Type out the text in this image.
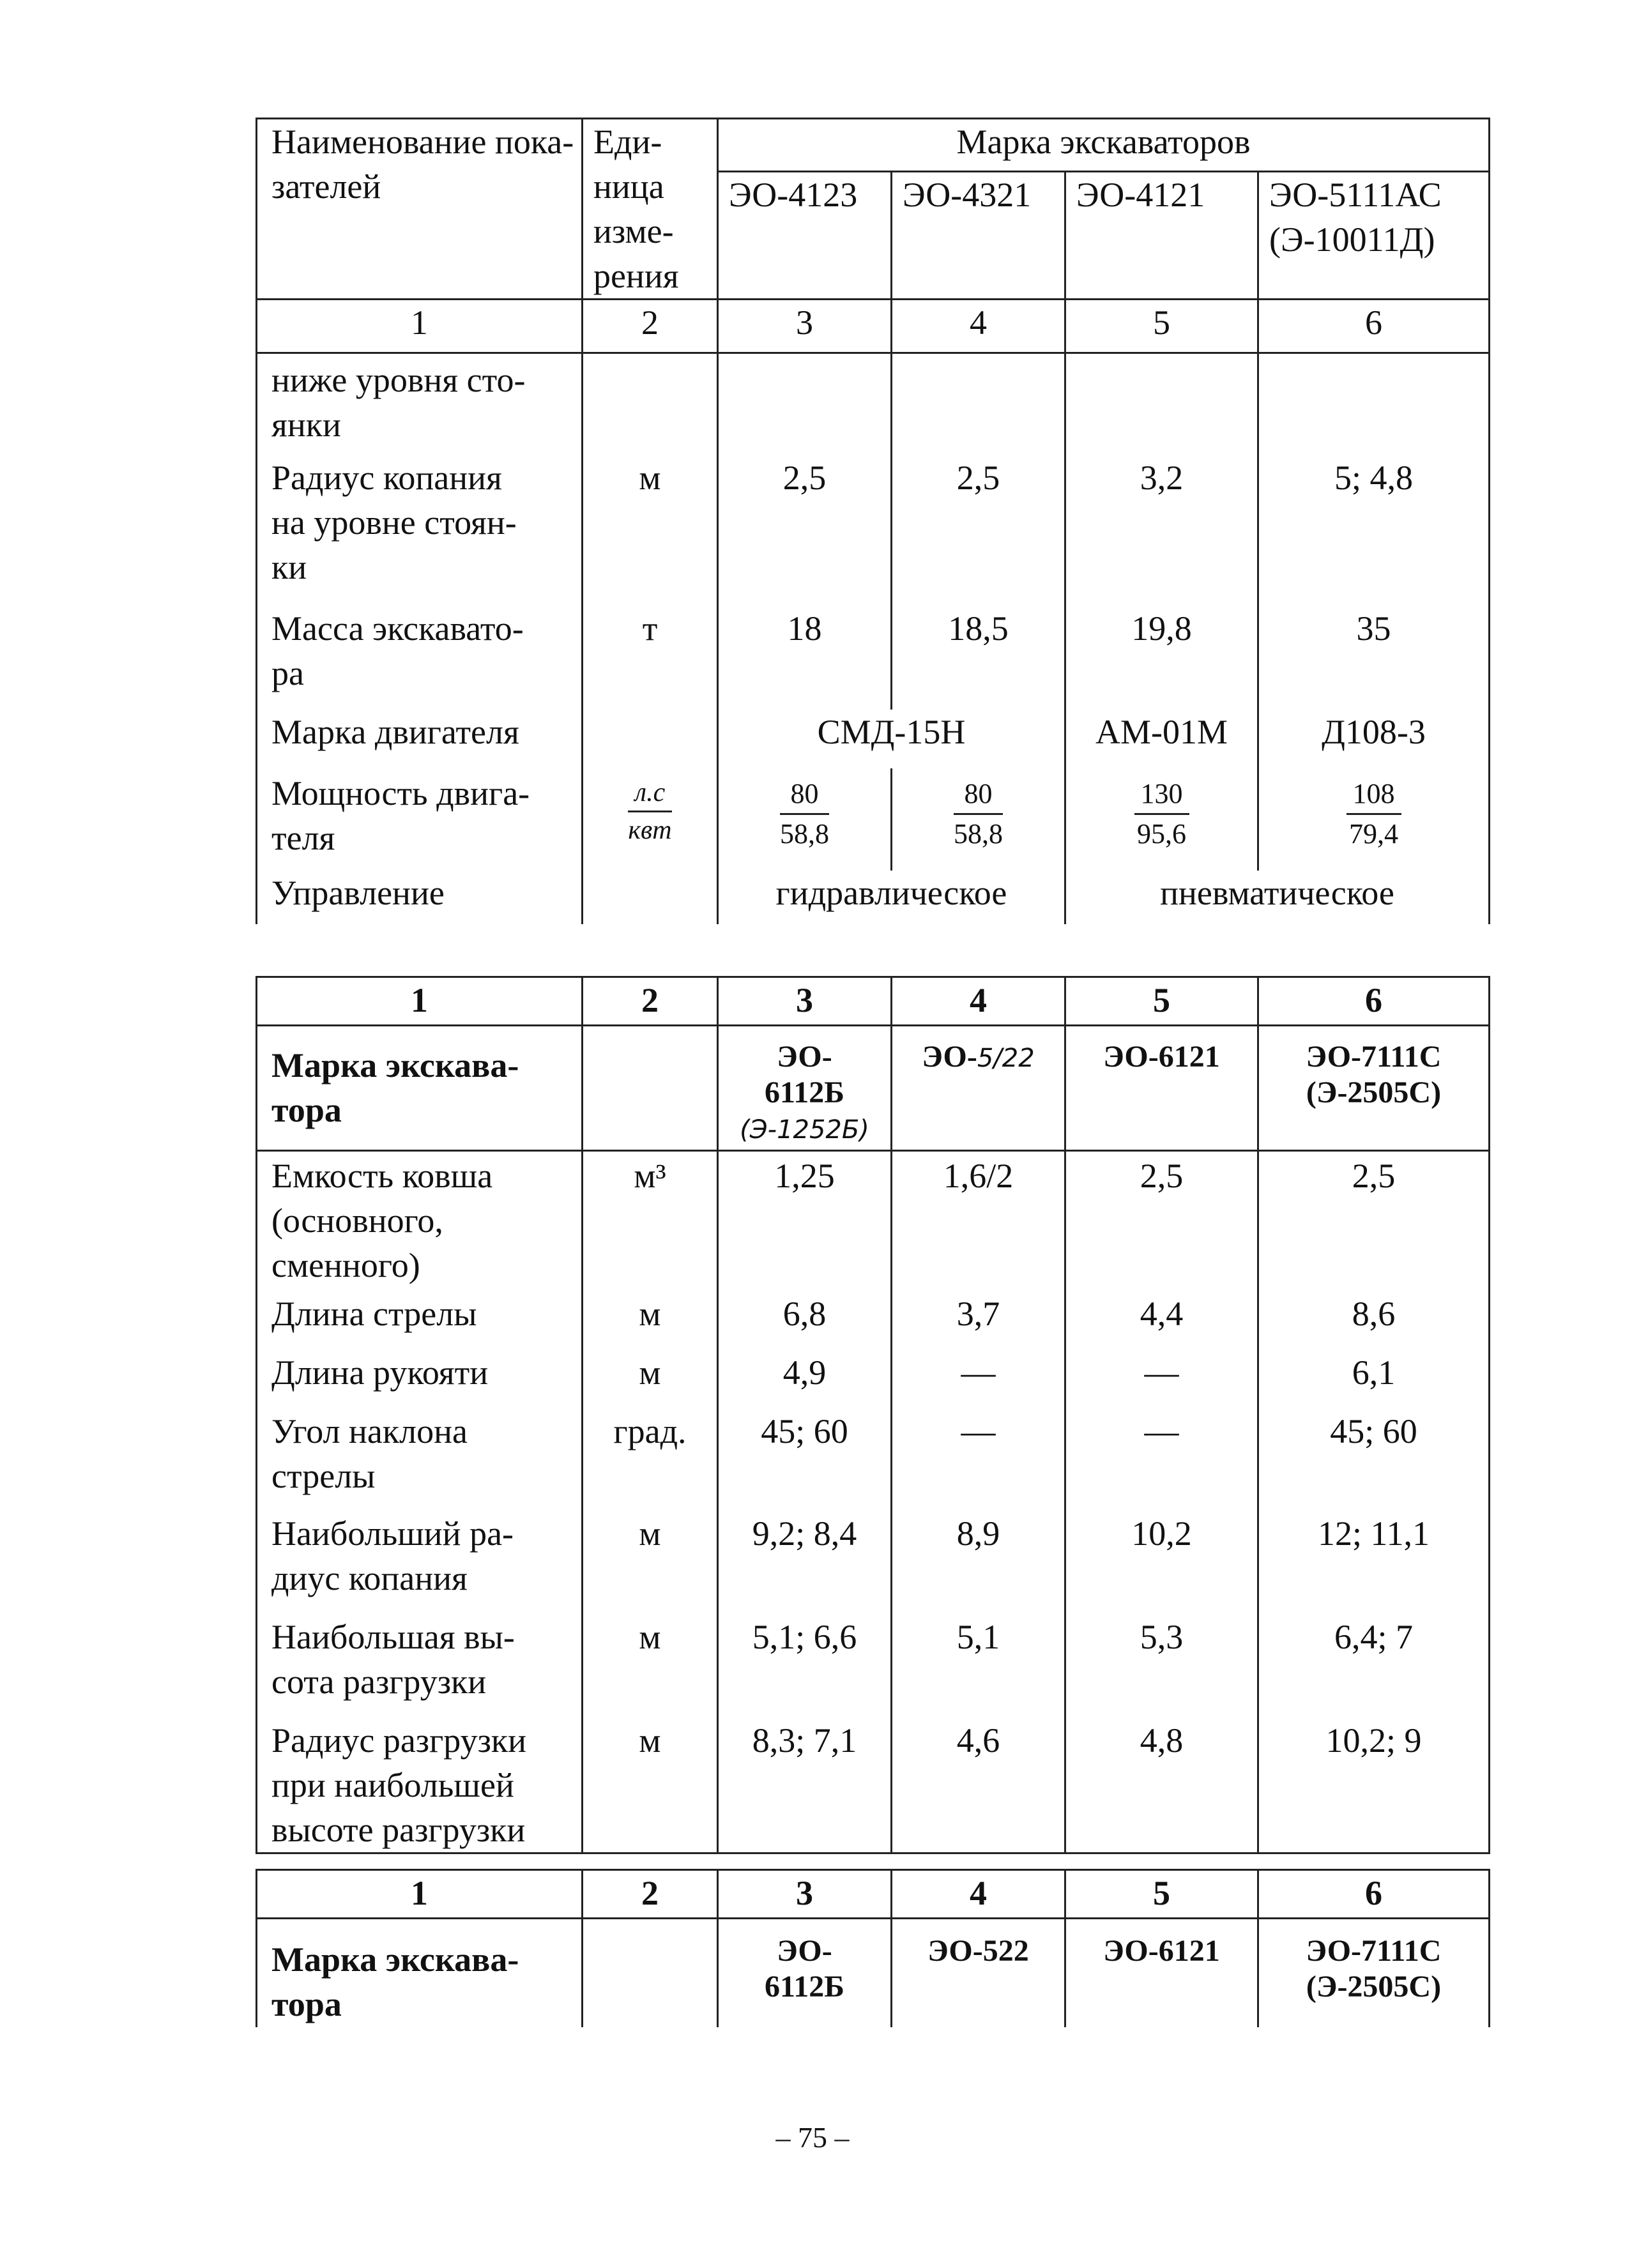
Наименование пока-
зателей	Еди-
ница
изме-
рения	Марка экскаваторов			
		ЭО-4123	ЭО-4321	ЭО-4121	ЭО-5111АС
(Э-10011Д)
1	2	3	4	5	6
ниже уровня сто-
янки					
Радиус копания
на уровне стоян-
ки	м	2,5	2,5	3,2	5; 4,8
Масса экскавато-
ра	т	18	18,5	19,8	35
Марка двигателя		СМД-15Н		АМ-01М	Д108-3
Мощность двига-
теля	л.с
квт	$\frac{80}{58,8}$	$\frac{80}{58,8}$	$\frac{130}{95,6}$	$\frac{108}{79,4}$
Управление		гидравлическое		пневматическое	
1	2	3	4	5	6
Марка экскава-
тора		ЭО-
6112Б
(Э-1252Б)	ЭО-5/22	ЭО-6121	ЭО-7111С
(Э-2505С)
Емкость ковша
(основного,
сменного)	м³	1,25	1,6/2	2,5	2,5
Длина стрелы	м	6,8	3,7	4,4	8,6
Длина рукояти	м	4,9	—	—	6,1
Угол наклона
стрелы	град.	45; 60	—	—	45; 60
Наибольший ра-
диус копания	м	9,2; 8,4	8,9	10,2	12; 11,1
Наибольшая вы-
сота разгрузки	м	5,1; 6,6	5,1	5,3	6,4; 7
Радиус разгрузки
при наибольшей
высоте разгрузки	м	8,3; 7,1	4,6	4,8	10,2; 9
1	2	3	4	5	6
Марка экскава-
тора		ЭО-
6112Б	ЭО-522	ЭО-6121	ЭО-7111С
(Э-2505С)
– 75 –
